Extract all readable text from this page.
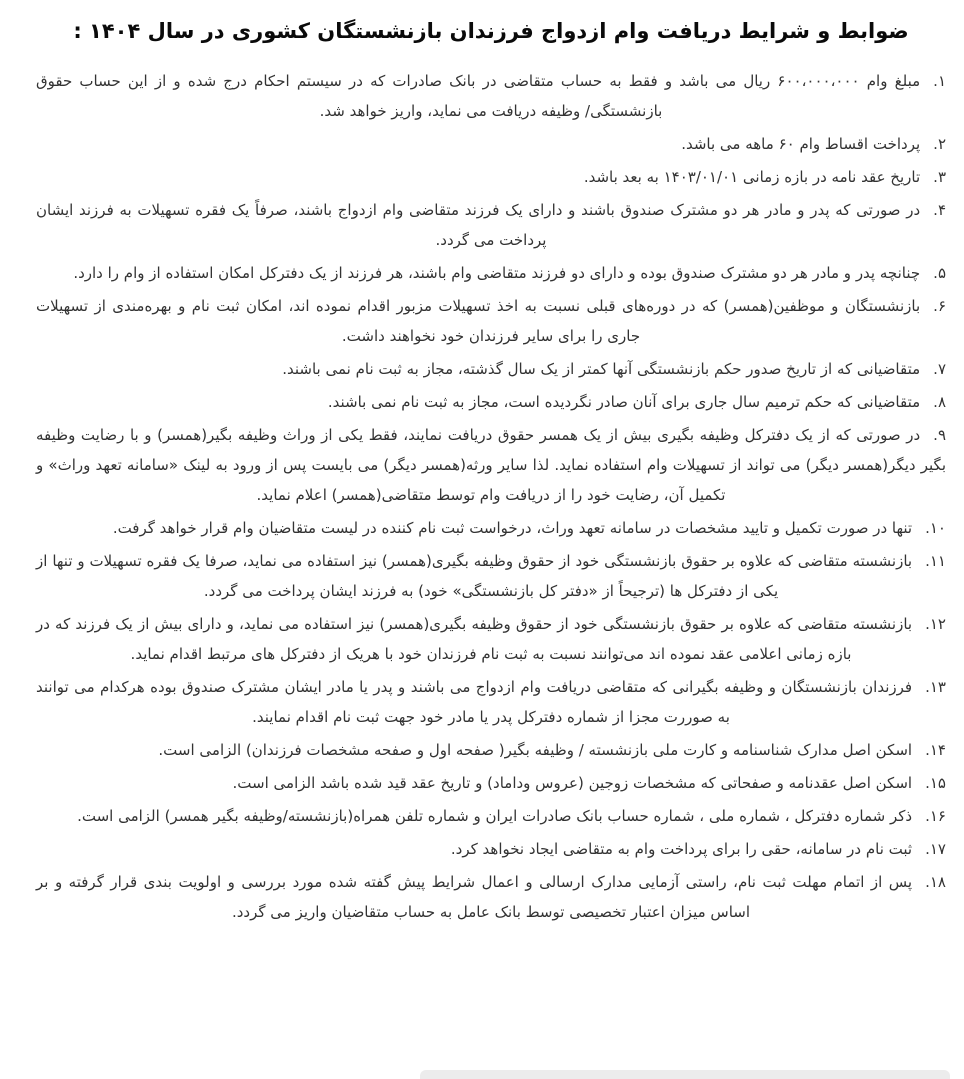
ضوابط و شرایط دریافت وام ازدواج فرزندان بازنشستگان کشوری در سال ۱۴۰۴ :
۱.مبلغ وام ۶۰۰،۰۰۰،۰۰۰ ریال می باشد و فقط به حساب متقاضی در بانک صادرات که در سیستم احکام درج شده و از این حساب حقوق بازنشستگی/ وظیفه دریافت می نماید، واریز خواهد شد.
۲.پرداخت اقساط وام ۶۰ ماهه می باشد.
۳.تاریخ عقد نامه در بازه زمانی ۱۴۰۳/۰۱/۰۱ به بعد باشد.
۴.در صورتی که پدر و مادر هر دو مشترک صندوق باشند و دارای یک فرزند متقاضی وام ازدواج باشند، صرفاً یک فقره تسهیلات به فرزند ایشان پرداخت می گردد.
۵.چنانچه پدر و مادر هر دو مشترک صندوق بوده و دارای دو فرزند متقاضی وام باشند، هر فرزند از یک دفترکل امکان استفاده از وام را دارد.
۶.بازنشستگان و موظفین(همسر) که در دوره‌های قبلی نسبت به اخذ تسهیلات مزبور اقدام نموده اند، امکان ثبت نام و بهره‌مندی از تسهیلات جاری را برای سایر فرزندان خود نخواهند داشت.
۷.متقاضیانی که از تاریخ صدور حکم بازنشستگی آنها کمتر از یک سال گذشته، مجاز به ثبت نام نمی باشند.
۸.متقاضیانی که حکم ترمیم سال جاری برای آنان صادر نگردیده است، مجاز به ثبت نام نمی باشند.
۹.در صورتی که از یک دفترکل وظیفه بگیری بیش از یک همسر حقوق دریافت نمایند، فقط یکی از وراث وظیفه بگیر(همسر) و با رضایت وظیفه بگیر دیگر(همسر دیگر) می تواند از تسهیلات وام استفاده نماید. لذا سایر ورثه(همسر دیگر) می بایست پس از ورود به لینک «سامانه تعهد وراث» و تکمیل آن، رضایت خود را از دریافت وام توسط متقاضی(همسر) اعلام نماید.
۱۰.تنها در صورت تکمیل و تایید مشخصات در سامانه تعهد وراث، درخواست ثبت نام کننده در لیست متقاضیان وام قرار خواهد گرفت.
۱۱.بازنشسته متقاضی که علاوه بر حقوق بازنشستگی خود از حقوق وظیفه بگیری(همسر) نیز استفاده می نماید، صرفا یک فقره تسهیلات و تنها از یکی از دفترکل ها (ترجیحاً از «دفتر کل بازنشستگی» خود) به فرزند ایشان پرداخت می گردد.
۱۲.بازنشسته متقاضی که علاوه بر حقوق بازنشستگی خود از حقوق وظیفه بگیری(همسر) نیز استفاده می نماید، و دارای بیش از یک فرزند که در بازه زمانی اعلامی عقد نموده اند می‌توانند نسبت به ثبت نام فرزندان خود با هریک از دفترکل های مرتبط اقدام نماید.
۱۳.فرزندان بازنشستگان و وظیفه بگیرانی که متقاضی دریافت وام ازدواج می باشند و پدر یا مادر ایشان مشترک صندوق بوده هرکدام می توانند به صوررت مجزا از شماره دفترکل پدر یا مادر خود جهت ثبت نام اقدام نمایند.
۱۴.اسکن اصل مدارک شناسنامه و کارت ملی بازنشسته / وظیفه بگیر( صفحه اول و صفحه مشخصات فرزندان) الزامی است.
۱۵.اسکن اصل عقدنامه و صفحاتی که مشخصات زوجین (عروس وداماد) و تاریخ عقد قید شده باشد الزامی است.
۱۶.ذکر شماره دفترکل ، شماره ملی ، شماره حساب بانک صادرات ایران و شماره تلفن همراه(بازنشسته/وظیفه بگیر همسر) الزامی است.
۱۷.ثبت نام در سامانه، حقی را برای پرداخت وام به متقاضی ایجاد نخواهد کرد.
۱۸.پس از اتمام مهلت ثبت نام، راستی آزمایی مدارک ارسالی و اعمال شرایط پیش گفته شده مورد بررسی و اولویت بندی قرار گرفته و بر اساس میزان اعتبار تخصیصی توسط بانک عامل به حساب متقاضیان واریز می گردد.
